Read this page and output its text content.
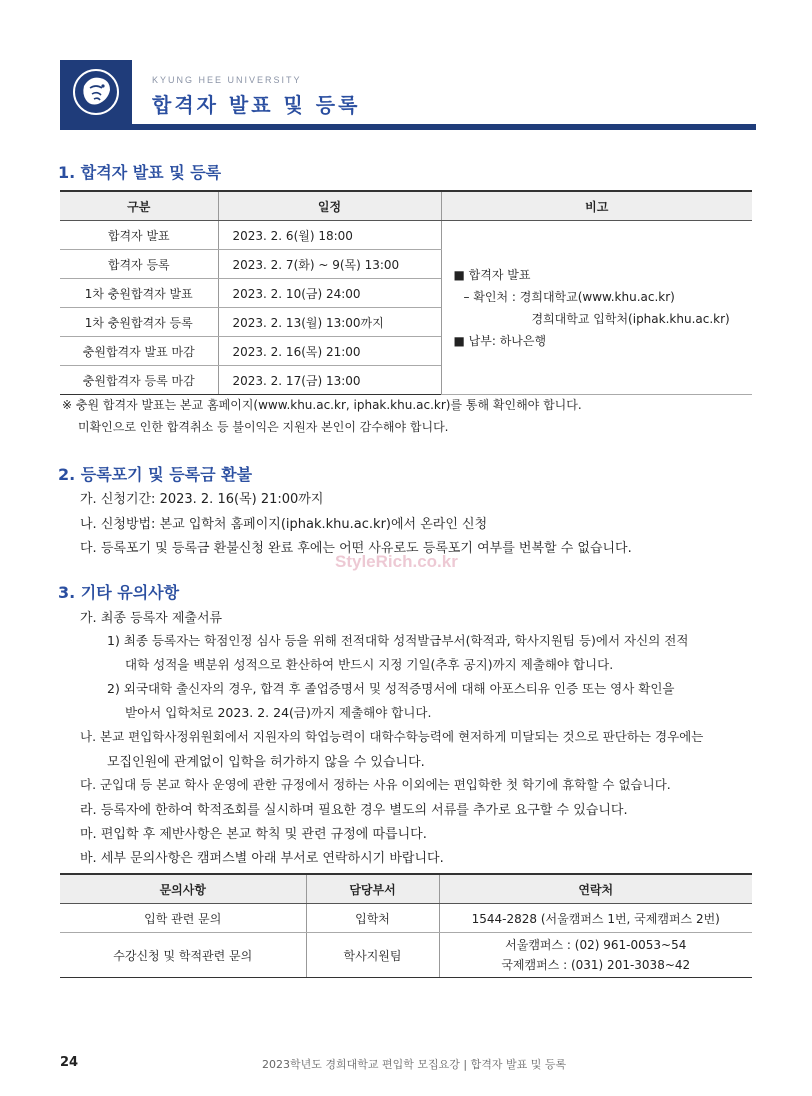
KYUNG HEE UNIVERSITY
합격자 발표 및 등록
1. 합격자 발표 및 등록
구분	일정	비고
합격자 발표	2023. 2. 6(월) 18:00	■ 합격자 발표
– 확인처 : 경희대학교(www.khu.ac.kr)
경희대학교 입학처(iphak.khu.ac.kr)
■ 납부: 하나은행

합격자 등록	2023. 2. 7(화) ~ 9(목) 13:00	
1차 충원합격자 발표	2023. 2. 10(금) 24:00	
1차 충원합격자 등록	2023. 2. 13(월) 13:00까지	
충원합격자 발표 마감	2023. 2. 16(목) 21:00	
충원합격자 등록 마감	2023. 2. 17(금) 13:00	
※ 충원 합격자 발표는 본교 홈페이지(www.khu.ac.kr, iphak.khu.ac.kr)를 통해 확인해야 합니다.
미확인으로 인한 합격취소 등 불이익은 지원자 본인이 감수해야 합니다.
2. 등록포기 및 등록금 환불
가. 신청기간: 2023. 2. 16(목) 21:00까지
나. 신청방법: 본교 입학처 홈페이지(iphak.khu.ac.kr)에서 온라인 신청
다. 등록포기 및 등록금 환불신청 완료 후에는 어떤 사유로도 등록포기 여부를 번복할 수 없습니다.
StyleRich.co.kr
3. 기타 유의사항
가. 최종 등록자 제출서류
1) 최종 등록자는 학점인정 심사 등을 위해 전적대학 성적발급부서(학적과, 학사지원팀 등)에서 자신의 전적
대학 성적을 백분위 성적으로 환산하여 반드시 지정 기일(추후 공지)까지 제출해야 합니다.
2) 외국대학 출신자의 경우, 합격 후 졸업증명서 및 성적증명서에 대해 아포스티유 인증 또는 영사 확인을
받아서 입학처로 2023. 2. 24(금)까지 제출해야 합니다.
나. 본교 편입학사정위원회에서 지원자의 학업능력이 대학수학능력에 현저하게 미달되는 것으로 판단하는 경우에는
모집인원에 관계없이 입학을 허가하지 않을 수 있습니다.
다. 군입대 등 본교 학사 운영에 관한 규정에서 정하는 사유 이외에는 편입학한 첫 학기에 휴학할 수 없습니다.
라. 등록자에 한하여 학적조회를 실시하며 필요한 경우 별도의 서류를 추가로 요구할 수 있습니다.
마. 편입학 후 제반사항은 본교 학칙 및 관련 규정에 따릅니다.
바. 세부 문의사항은 캠퍼스별 아래 부서로 연락하시기 바랍니다.
문의사항	담당부서	연락처
입학 관련 문의	입학처	1544-2828 (서울캠퍼스 1번, 국제캠퍼스 2번)
수강신청 및 학적관련 문의	학사지원팀	서울캠퍼스 : (02) 961-0053~54
국제캠퍼스 : (031) 201-3038~42
24	2023학년도 경희대학교 편입학 모집요강 | 합격자 발표 및 등록
